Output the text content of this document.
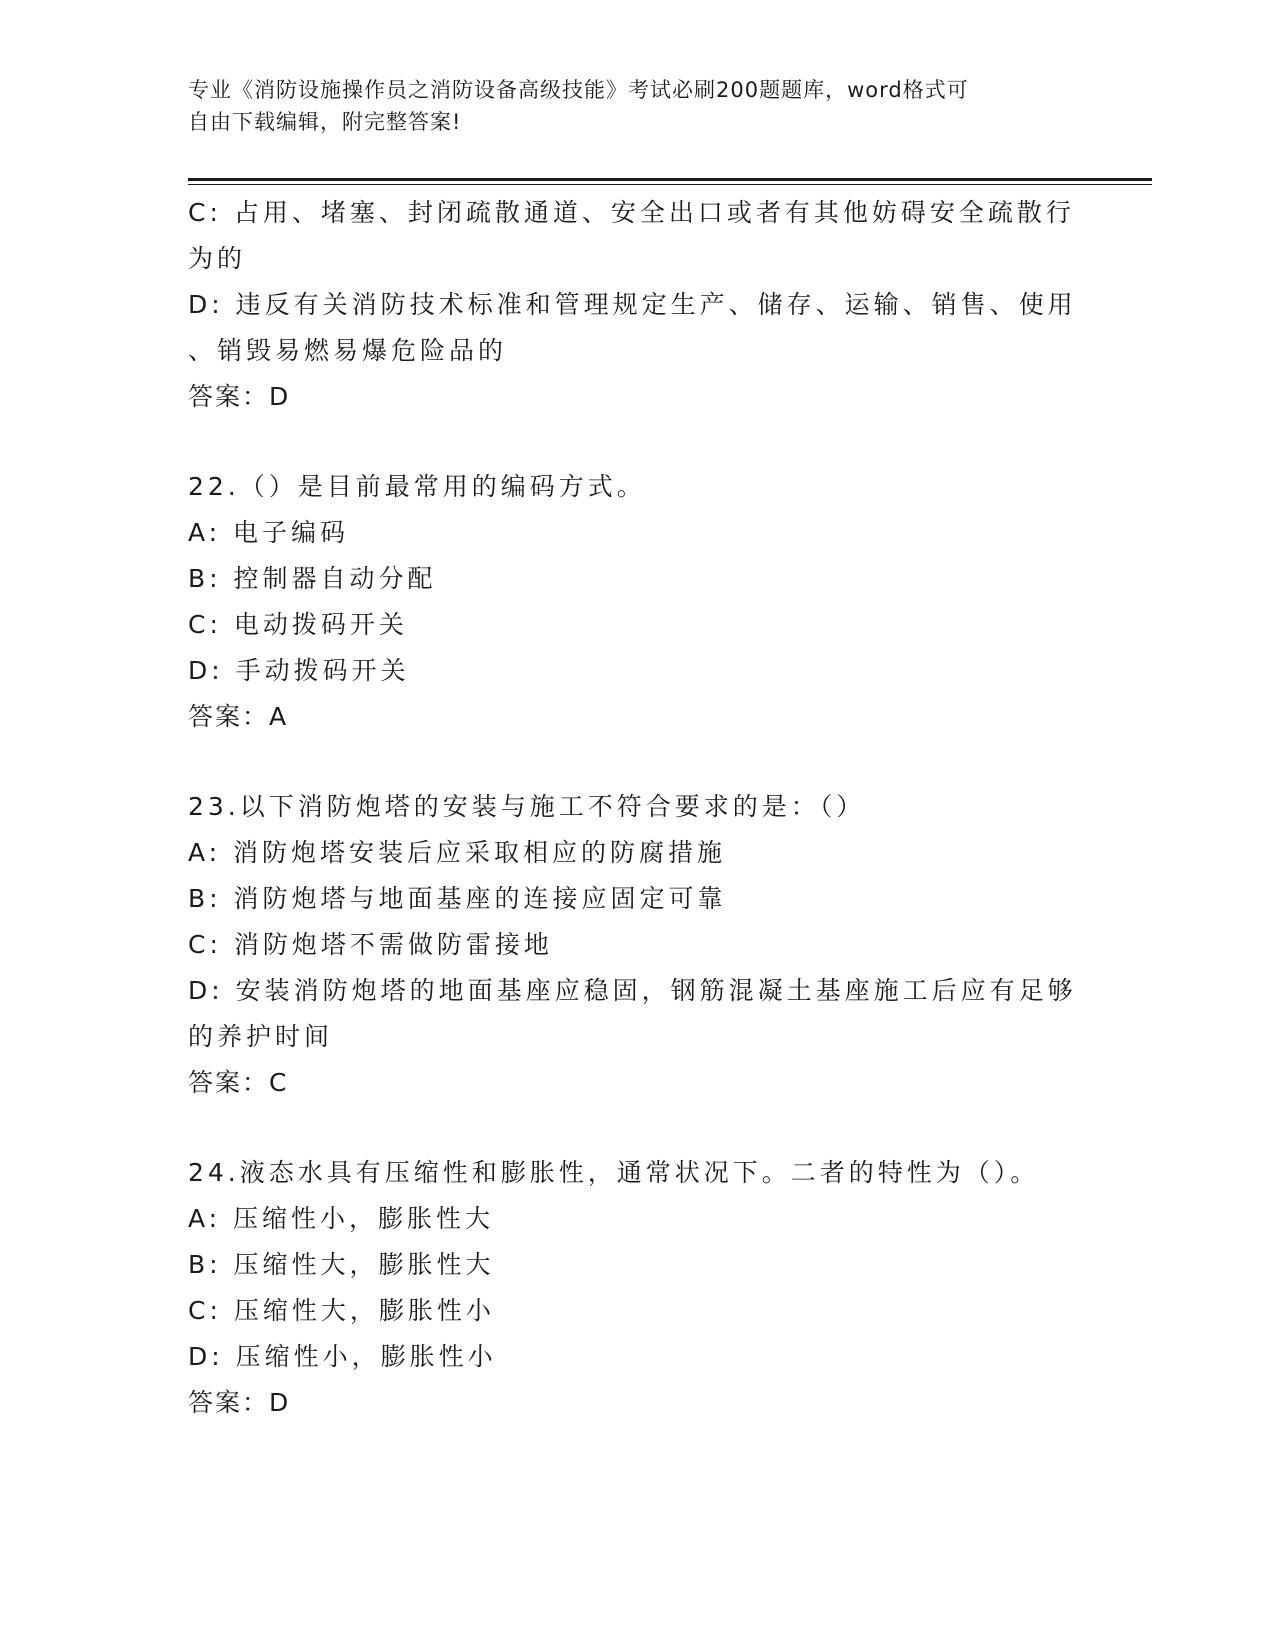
专业《消防设施操作员之消防设备高级技能》考试必刷200题题库，word格式可
自由下载编辑，附完整答案!
C: 占用、堵塞、封闭疏散通道、安全出口或者有其他妨碍安全疏散行
为的
D: 违反有关消防技术标准和管理规定生产、储存、运输、销售、使用
、销毁易燃易爆危险品的
答案：D
22.（）是目前最常用的编码方式。
A: 电子编码
B: 控制器自动分配
C: 电动拨码开关
D: 手动拨码开关
答案：A
23.以下消防炮塔的安装与施工不符合要求的是：（）
A: 消防炮塔安装后应采取相应的防腐措施
B: 消防炮塔与地面基座的连接应固定可靠
C: 消防炮塔不需做防雷接地
D: 安装消防炮塔的地面基座应稳固，钢筋混凝土基座施工后应有足够
的养护时间
答案：C
24.液态水具有压缩性和膨胀性，通常状况下。二者的特性为（）。
A: 压缩性小，膨胀性大
B: 压缩性大，膨胀性大
C: 压缩性大，膨胀性小
D: 压缩性小，膨胀性小
答案：D
